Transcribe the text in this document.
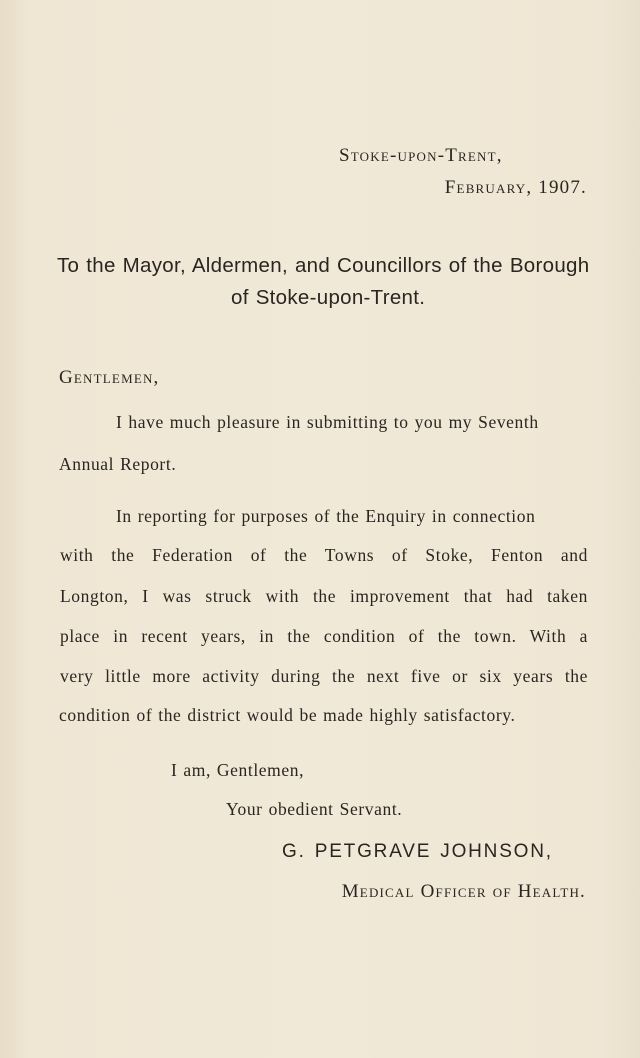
Stoke-upon-Trent,
February, 1907.
To the Mayor, Aldermen, and Councillors of the Borough
of Stoke-upon-Trent.
Gentlemen,
I have much pleasure in submitting to you my Seventh
Annual Report.
In reporting for purposes of the Enquiry in connection
with the Federation of the Towns of Stoke, Fenton and
Longton, I was struck with the improvement that had taken
place in recent years, in the condition of the town. With a
very little more activity during the next five or six years the
condition of the district would be made highly satisfactory.
I am, Gentlemen,
Your obedient Servant.
G. PETGRAVE JOHNSON,
Medical Officer of Health.
